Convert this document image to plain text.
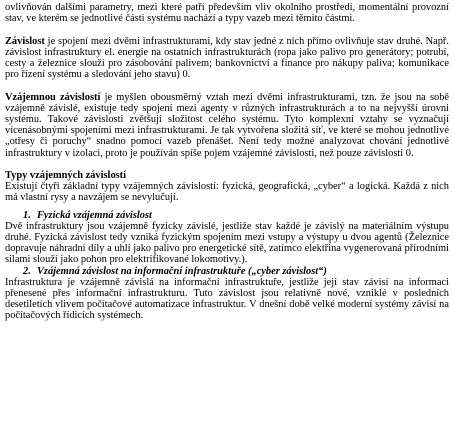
ovlivňován dalšími parametry, mezi které patří především vliv okolního prostředí, momentální provozní stav, ve kterém se jednotlivé části systému nachází a typy vazeb mezi těmito částmi.

Závislost je spojení mezi dvěmi infrastrukturami, kdy stav jedné z nich přímo ovlivňuje stav druhé. Např. závislost infrastruktury el. energie na ostatních infrastrukturách (ropa jako palivo pro generátory; potrubí, cesty a železnice slouží pro zásobování palivem; bankovnictví a finance pro nákupy paliva; komunikace pro řízení systému a sledování jeho stavu) 0.

Vzájemnou závislostí je myšlen obousměrný vztah mezi dvěmi infrastrukturami, tzn. že jsou na sobě vzájemně závislé, existuje tedy spojení mezi agenty v různých infrastrukturách a to na nejvyšší úrovni systému. Takové závislosti zvětšují složitost celého systému. Tyto komplexní vztahy se vyznačují vícenásobnými spojeními mezi infrastrukturami. Je tak vytvořena složitá síť, ve které se mohou jednotlivé „otřesy či poruchy“ snadno pomocí vazeb přenášet. Není tedy možné analyzovat chování jednotlivé infrastruktury v izolaci, proto je používán spíše pojem vzájemné závislosti, než pouze závislosti 0.

Typy vzájemných závislostí

Existují čtyři základní typy vzájemných závislostí: fyzická, geografická, „cyber“ a logická. Každá z nich má vlastní rysy a navzájem se nevylučují.

1. Fyzická vzájemná závislost

Dvě infrastruktury jsou vzájemně fyzicky závislé, jestliže stav každé je závislý na materiálním výstupu druhé. Fyzická závislost tedy vzniká fyzickým spojením mezi vstupy a výstupy u dvou agentů (Železnice dopravuje náhradní díly a uhlí jako palivo pro energetické sítě, zatímco elektřina vygenerovaná přírodními silami slouží jako pohon pro elektrifikované lokomotivy.).

2. Vzájemná závislost na informační infrastruktuře („cyber závislost“)

Infrastruktura je vzájemně závislá na informační infrastruktuře, jestliže její stav závisí na informaci přenesené přes informační infrastrukturu. Tuto závislost jsou relativně nové, vzniklé v posledních desetiletích vlivem počítačové automatizace infrastruktur. V dnešní době velké moderní systémy závisí na počítačových řídicích systémech.
